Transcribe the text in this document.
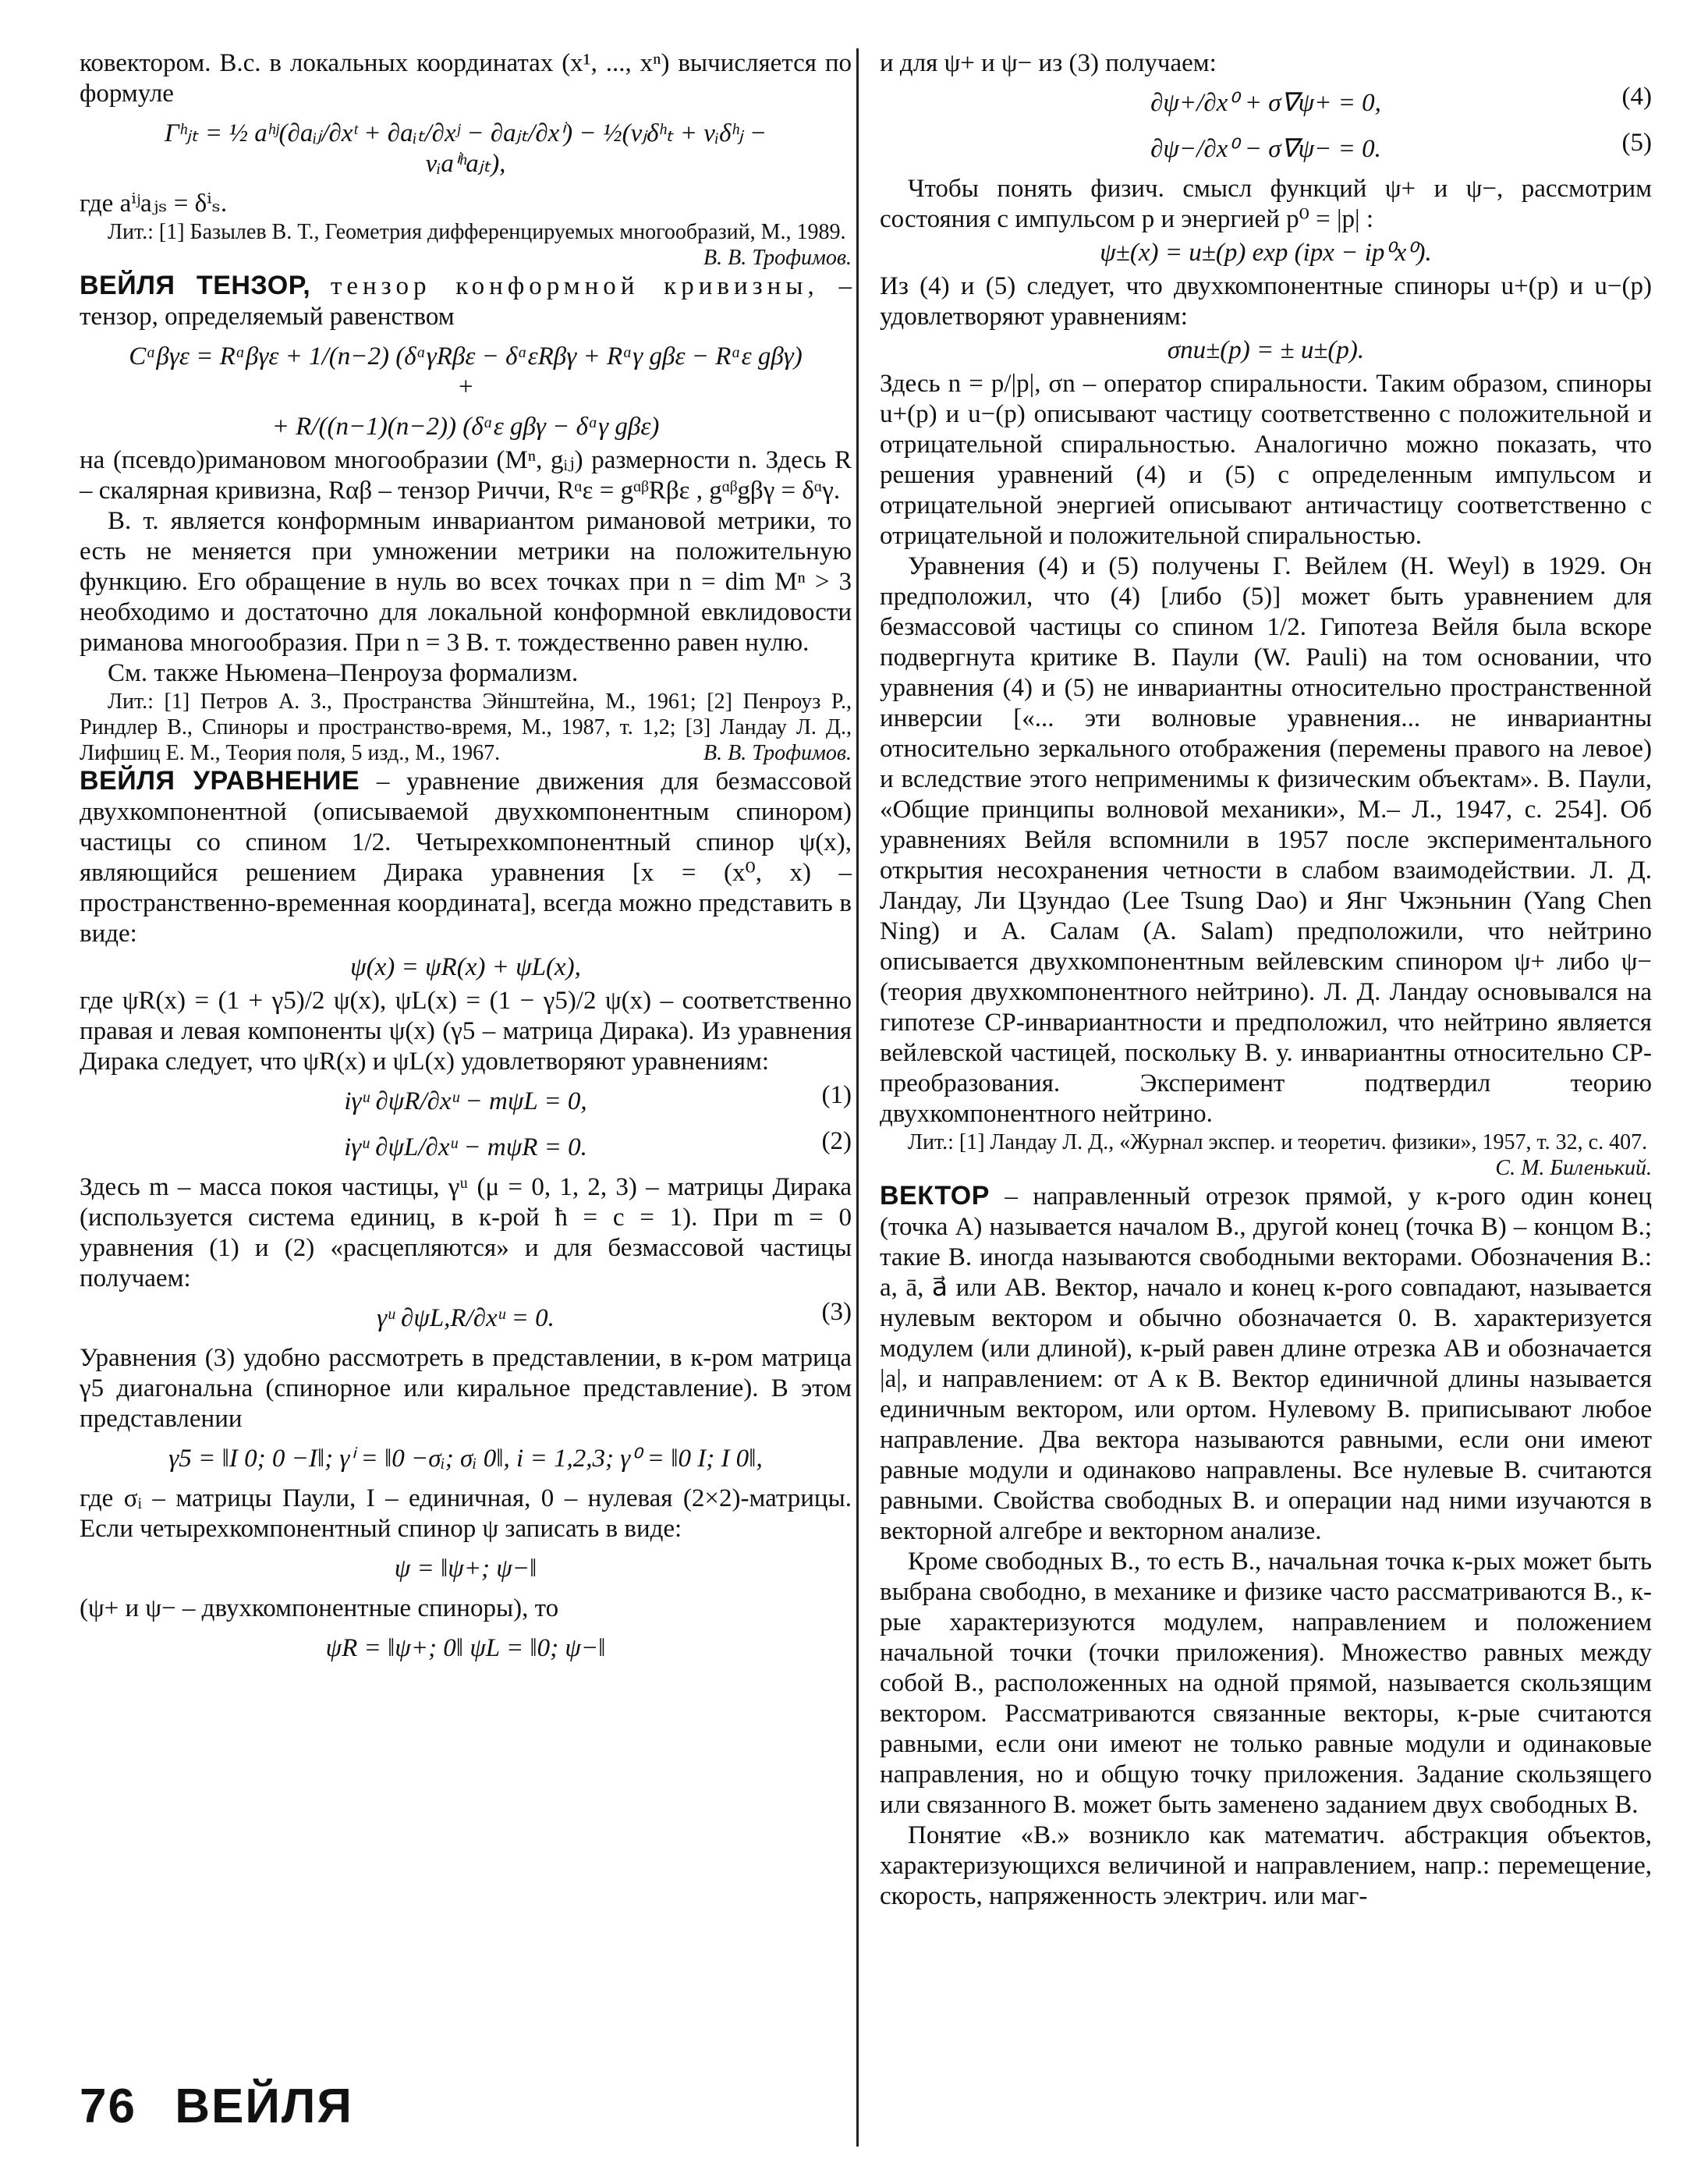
ковектором. В.с. в локальных координатах (x¹, ..., xⁿ) вычисляется по формуле

Γʰⱼₜ = ½ aʰʲ(∂aᵢⱼ/∂xᵗ + ∂aᵢₜ/∂xʲ − ∂aⱼₜ/∂xⁱ) − ½(vⱼδʰₜ + vᵢδʰⱼ − vᵢaⁱʰaⱼₜ),

где aⁱʲaⱼₛ = δⁱₛ.

Лит.: [1] Базылев В. Т., Геометрия дифференцируемых многообразий, М., 1989.
В. В. Трофимов.

ВЕЙЛЯ ТЕНЗОР, тензор конформной кривизны, – тензор, определяемый равенством

Cᵅβγε = Rᵅβγε + 1/(n−2) (δᵅγRβε − δᵅεRβγ + Rᵅγ gβε − Rᵅε gβγ) +
+ R/((n−1)(n−2)) (δᵅε gβγ − δᵅγ gβε)

на (псевдо)римановом многообразии (Mⁿ, gᵢⱼ) размерности n. Здесь R – скалярная кривизна, Rαβ – тензор Риччи, Rᵅε = gᵅᵝRβε , gᵅᵝgβγ = δᵅγ.

В. т. является конформным инвариантом римановой метрики, то есть не меняется при умножении метрики на положительную функцию. Его обращение в нуль во всех точках при n = dim Mⁿ > 3 необходимо и достаточно для локальной конформной евклидовости риманова многообразия. При n = 3 В. т. тождественно равен нулю.

См. также Ньюмена–Пенроуза формализм.

Лит.: [1] Петров А. З., Пространства Эйнштейна, М., 1961; [2] Пенроуз Р., Риндлер В., Спиноры и пространство-время, М., 1987, т. 1,2; [3] Ландау Л. Д., Лифшиц Е. М., Теория поля, 5 изд., М., 1967.	В. В. Трофимов.

ВЕЙЛЯ УРАВНЕНИЕ – уравнение движения для безмассовой двухкомпонентной (описываемой двухкомпонентным спинором) частицы со спином 1/2. Четырехкомпонентный спинор ψ(x), являющийся решением Дирака уравнения [x = (x⁰, x) – пространственно-временная координата], всегда можно представить в виде:

ψ(x) = ψR(x) + ψL(x),

где ψR(x) = (1 + γ5)/2 ψ(x), ψL(x) = (1 − γ5)/2 ψ(x) – соответственно правая и левая компоненты ψ(x) (γ5 – матрица Дирака). Из уравнения Дирака следует, что ψR(x) и ψL(x) удовлетворяют уравнениям:

iγᵘ ∂ψR/∂xᵘ − mψL = 0,	(1)
iγᵘ ∂ψL/∂xᵘ − mψR = 0.	(2)

Здесь m – масса покоя частицы, γᵘ (μ = 0, 1, 2, 3) – матрицы Дирака (используется система единиц, в к-рой ħ = c = 1). При m = 0 уравнения (1) и (2) «расцепляются» и для безмассовой частицы получаем:

γᵘ ∂ψL,R/∂xᵘ = 0.	(3)

Уравнения (3) удобно рассмотреть в представлении, в к-ром матрица γ5 диагональна (спинорное или киральное представление). В этом представлении

γ5 = ‖I 0; 0 −I‖; γⁱ = ‖0 −σᵢ; σᵢ 0‖, i = 1,2,3; γ⁰ = ‖0 I; I 0‖,

где σᵢ – матрицы Паули, I – единичная, 0 – нулевая (2×2)-матрицы. Если четырехкомпонентный спинор ψ записать в виде:

ψ = ‖ψ+; ψ−‖

(ψ+ и ψ− – двухкомпонентные спиноры), то

ψR = ‖ψ+; 0‖ ψL = ‖0; ψ−‖

и для ψ+ и ψ− из (3) получаем:

∂ψ+/∂x⁰ + σ∇ψ+ = 0,	(4)
∂ψ−/∂x⁰ − σ∇ψ− = 0.	(5)

Чтобы понять физич. смысл функций ψ+ и ψ−, рассмотрим состояния с импульсом p и энергией p⁰ = |p| :

ψ±(x) = u±(p) exp (ipx − ip⁰x⁰).

Из (4) и (5) следует, что двухкомпонентные спиноры u+(p) и u−(p) удовлетворяют уравнениям:

σnu±(p) = ± u±(p).

Здесь n = p/|p|, σn – оператор спиральности. Таким образом, спиноры u+(p) и u−(p) описывают частицу соответственно с положительной и отрицательной спиральностью. Аналогично можно показать, что решения уравнений (4) и (5) с определенным импульсом и отрицательной энергией описывают античастицу соответственно с отрицательной и положительной спиральностью.

Уравнения (4) и (5) получены Г. Вейлем (H. Weyl) в 1929. Он предположил, что (4) [либо (5)] может быть уравнением для безмассовой частицы со спином 1/2. Гипотеза Вейля была вскоре подвергнута критике В. Паули (W. Pauli) на том основании, что уравнения (4) и (5) не инвариантны относительно пространственной инверсии [«... эти волновые уравнения... не инвариантны относительно зеркального отображения (перемены правого на левое) и вследствие этого неприменимы к физическим объектам». В. Паули, «Общие принципы волновой механики», М.– Л., 1947, с. 254]. Об уравнениях Вейля вспомнили в 1957 после экспериментального открытия несохранения четности в слабом взаимодействии. Л. Д. Ландау, Ли Цзундао (Lee Tsung Dao) и Янг Чжэньнин (Yang Chen Ning) и А. Салам (A. Salam) предположили, что нейтрино описывается двухкомпонентным вейлевским спинором ψ+ либо ψ− (теория двухкомпонентного нейтрино). Л. Д. Ландау основывался на гипотезе CP-инвариантности и предположил, что нейтрино является вейлевской частицей, поскольку В. у. инвариантны относительно CP-преобразования. Эксперимент подтвердил теорию двухкомпонентного нейтрино.

Лит.: [1] Ландау Л. Д., «Журнал экспер. и теоретич. физики», 1957, т. 32, с. 407.
С. М. Биленький.

ВЕКТОР – направленный отрезок прямой, у к-рого один конец (точка A) называется началом В., другой конец (точка B) – концом В.; такие В. иногда называются свободными векторами. Обозначения В.: a, ā, a⃗ или AB. Вектор, начало и конец к-рого совпадают, называется нулевым вектором и обычно обозначается 0. В. характеризуется модулем (или длиной), к-рый равен длине отрезка AB и обозначается |a|, и направлением: от A к B. Вектор единичной длины называется единичным вектором, или ортом. Нулевому В. приписывают любое направление. Два вектора называются равными, если они имеют равные модули и одинаково направлены. Все нулевые В. считаются равными. Свойства свободных В. и операции над ними изучаются в векторной алгебре и векторном анализе.

Кроме свободных В., то есть В., начальная точка к-рых может быть выбрана свободно, в механике и физике часто рассматриваются В., к-рые характеризуются модулем, направлением и положением начальной точки (точки приложения). Множество равных между собой В., расположенных на одной прямой, называется скользящим вектором. Рассматриваются связанные векторы, к-рые считаются равными, если они имеют не только равные модули и одинаковые направления, но и общую точку приложения. Задание скользящего или связанного В. может быть заменено заданием двух свободных В.

Понятие «В.» возникло как математич. абстракция объектов, характеризующихся величиной и направлением, напр.: перемещение, скорость, напряженность электрич. или маг-

76 ВЕЙЛЯ
